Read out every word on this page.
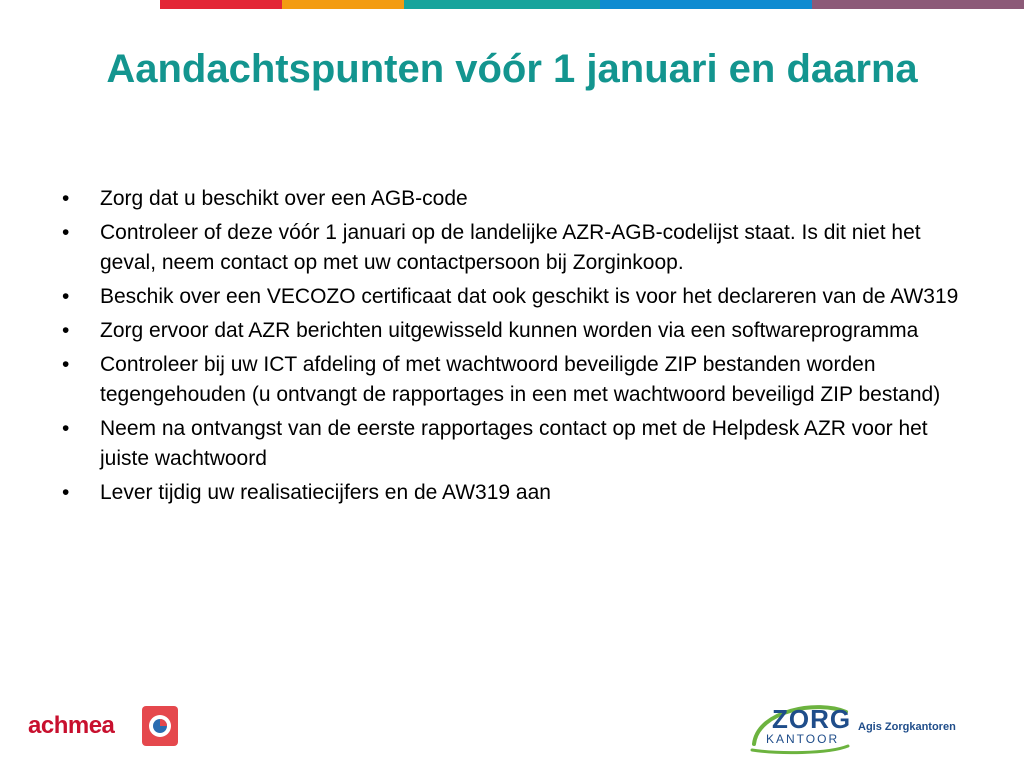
Aandachtspunten vóór 1 januari en daarna
• Zorg dat u beschikt over een AGB-code
• Controleer of deze vóór 1 januari op de landelijke AZR-AGB-codelijst staat. Is dit niet het geval, neem contact op met uw contactpersoon bij Zorginkoop.
• Beschik over een VECOZO certificaat dat ook geschikt is voor het declareren van de AW319
• Zorg ervoor dat AZR berichten uitgewisseld kunnen worden via een softwareprogramma
• Controleer bij uw ICT afdeling of met wachtwoord beveiligde ZIP bestanden worden tegengehouden (u ontvangt de rapportages in een met wachtwoord beveiligd ZIP bestand)
• Neem na ontvangst van de eerste rapportages contact op met de Helpdesk AZR voor het juiste wachtwoord
• Lever tijdig uw realisatiecijfers en de AW319 aan
achmea	ZORG
KANTOOR
Agis Zorgkantoren
